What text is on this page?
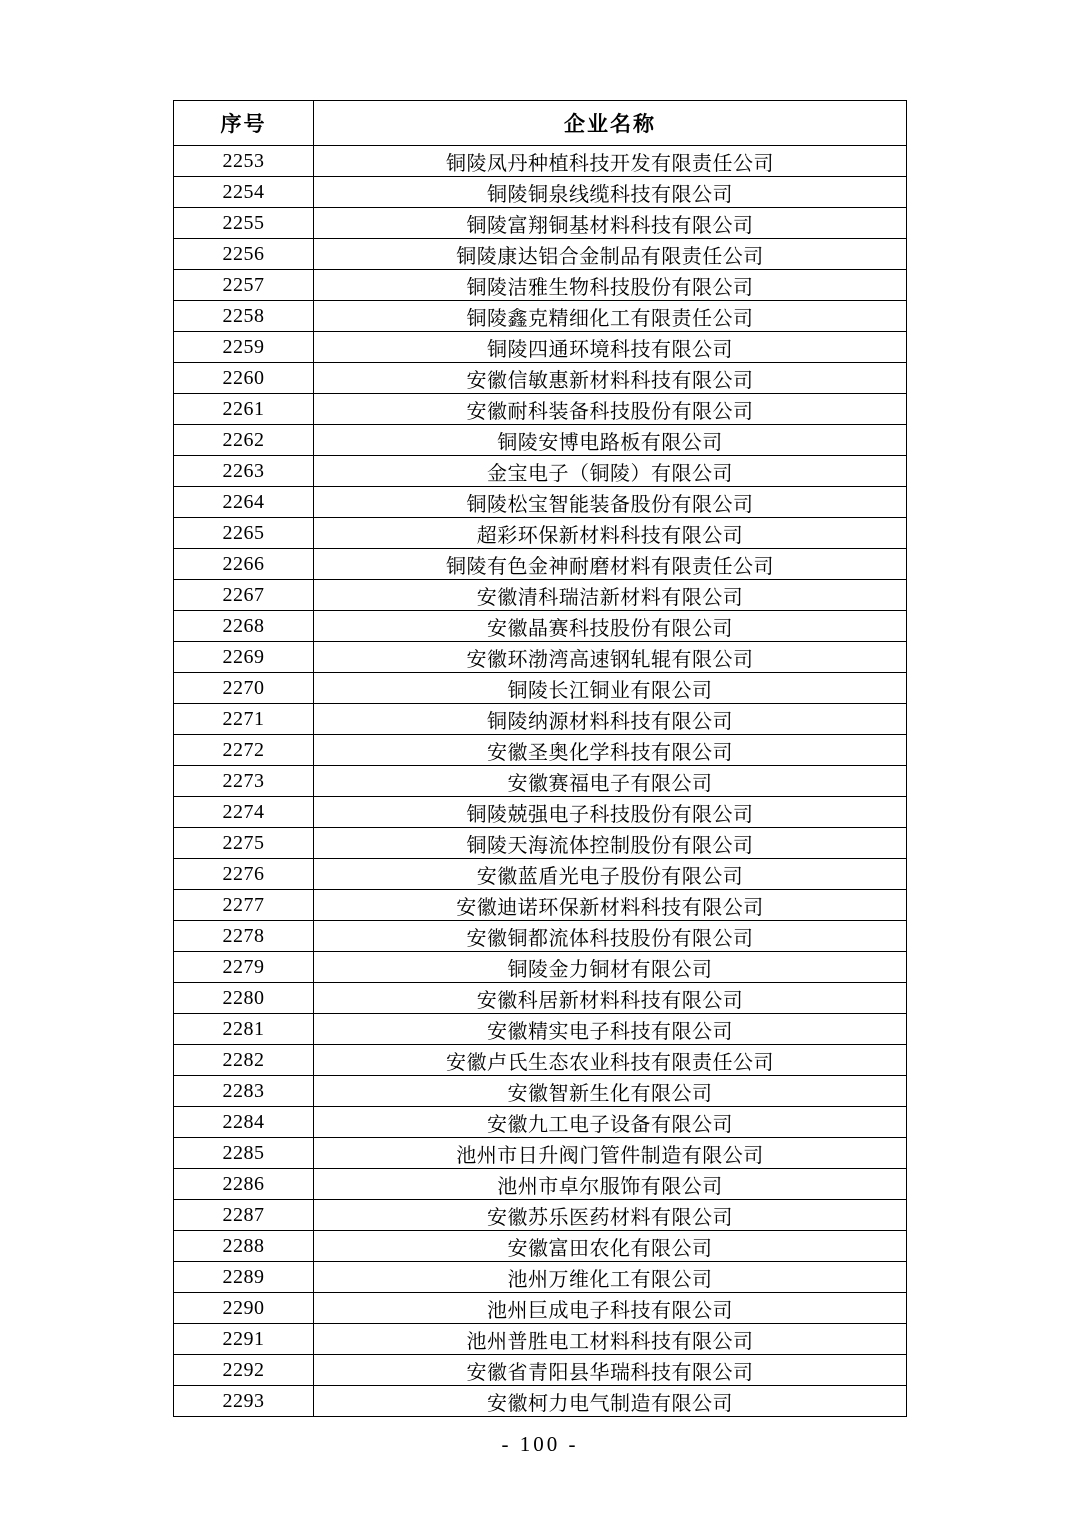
序号	企业名称
2253	铜陵凤丹种植科技开发有限责任公司
2254	铜陵铜泉线缆科技有限公司
2255	铜陵富翔铜基材料科技有限公司
2256	铜陵康达铝合金制品有限责任公司
2257	铜陵洁雅生物科技股份有限公司
2258	铜陵鑫克精细化工有限责任公司
2259	铜陵四通环境科技有限公司
2260	安徽信敏惠新材料科技有限公司
2261	安徽耐科装备科技股份有限公司
2262	铜陵安博电路板有限公司
2263	金宝电子（铜陵）有限公司
2264	铜陵松宝智能装备股份有限公司
2265	超彩环保新材料科技有限公司
2266	铜陵有色金神耐磨材料有限责任公司
2267	安徽清科瑞洁新材料有限公司
2268	安徽晶赛科技股份有限公司
2269	安徽环渤湾高速钢轧辊有限公司
2270	铜陵长江铜业有限公司
2271	铜陵纳源材料科技有限公司
2272	安徽圣奥化学科技有限公司
2273	安徽赛福电子有限公司
2274	铜陵兢强电子科技股份有限公司
2275	铜陵天海流体控制股份有限公司
2276	安徽蓝盾光电子股份有限公司
2277	安徽迪诺环保新材料科技有限公司
2278	安徽铜都流体科技股份有限公司
2279	铜陵金力铜材有限公司
2280	安徽科居新材料科技有限公司
2281	安徽精实电子科技有限公司
2282	安徽卢氏生态农业科技有限责任公司
2283	安徽智新生化有限公司
2284	安徽九工电子设备有限公司
2285	池州市日升阀门管件制造有限公司
2286	池州市卓尔服饰有限公司
2287	安徽苏乐医药材料有限公司
2288	安徽富田农化有限公司
2289	池州万维化工有限公司
2290	池州巨成电子科技有限公司
2291	池州普胜电工材料科技有限公司
2292	安徽省青阳县华瑞科技有限公司
2293	安徽柯力电气制造有限公司
- 100 -
